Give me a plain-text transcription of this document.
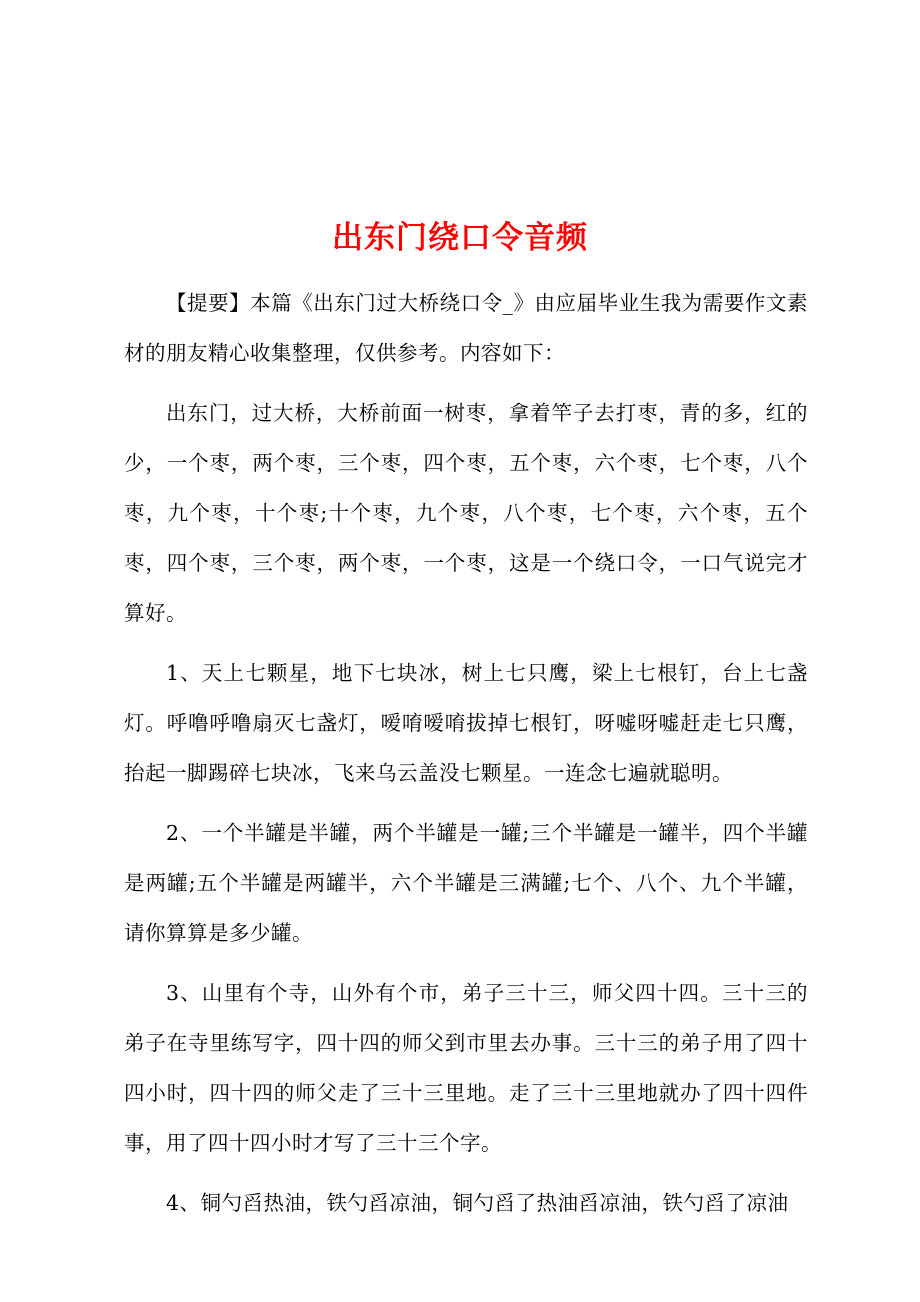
出东门绕口令音频

【提要】本篇《出东门过大桥绕口令_》由应届毕业生我为需要作文素材的朋友精心收集整理，仅供参考。内容如下：

出东门，过大桥，大桥前面一树枣，拿着竿子去打枣，青的多，红的少，一个枣，两个枣，三个枣，四个枣，五个枣，六个枣，七个枣，八个枣，九个枣，十个枣;十个枣，九个枣，八个枣，七个枣，六个枣，五个枣，四个枣，三个枣，两个枣，一个枣，这是一个绕口令，一口气说完才算好。

1、天上七颗星，地下七块冰，树上七只鹰，梁上七根钉，台上七盏灯。呼噜呼噜扇灭七盏灯，嗳唷嗳唷拔掉七根钉，呀嘘呀嘘赶走七只鹰，抬起一脚踢碎七块冰，飞来乌云盖没七颗星。一连念七遍就聪明。

2、一个半罐是半罐，两个半罐是一罐;三个半罐是一罐半，四个半罐是两罐;五个半罐是两罐半，六个半罐是三满罐;七个、八个、九个半罐，请你算算是多少罐。

3、山里有个寺，山外有个市，弟子三十三，师父四十四。三十三的弟子在寺里练写字，四十四的师父到市里去办事。三十三的弟子用了四十四小时，四十四的师父走了三十三里地。走了三十三里地就办了四十四件事，用了四十四小时才写了三十三个字。

4、铜勺舀热油，铁勺舀凉油，铜勺舀了热油舀凉油，铁勺舀了凉油
